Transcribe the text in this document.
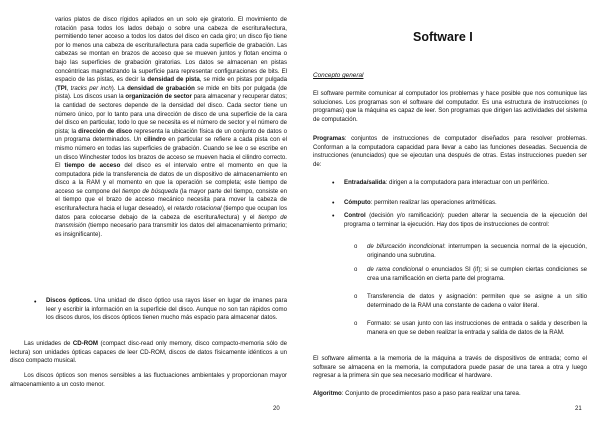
varios platos de disco rígidos apilados en un solo eje giratorio. El movimiento de rotación pasa todos los lados debajo o sobre una cabeza de escritura/lectura, permitiendo tener acceso a todos los datos del disco en cada giro; un disco fijo tiene por lo menos una cabeza de escritura/lectura para cada superficie de grabación. Las cabezas se montan en brazos de acceso que se mueven juntos y flotan encima o bajo las superficies de grabación giratorias. Los datos se almacenan en pistas concéntricas magnetizando la superficie para representar configuraciones de bits. El espacio de las pistas, es decir la densidad de pista, se mide en pistas por pulgada (TPI, tracks per inch). La densidad de grabación se mide en bits por pulgada (de pista). Los discos usan la organización de sector para almacenar y recuperar datos; la cantidad de sectores depende de la densidad del disco. Cada sector tiene un número único, por lo tanto para una dirección de disco de una superficie de la cara del disco en particular, todo lo que se necesita es el número de sector y el número de pista; la dirección de disco representa la ubicación física de un conjunto de datos o un programa determinados. Un cilindro en particular se refiere a cada pista con el mismo número en todas las superficies de grabación. Cuando se lee o se escribe en un disco Winchester todos los brazos de acceso se mueven hacia el cilindro correcto. El tiempo de acceso del disco es el intervalo entre el momento en que la computadora pide la transferencia de datos de un dispositivo de almacenamiento en disco a la RAM y el momento en que la operación se completa; este tiempo de acceso se compone del tiempo de búsqueda (la mayor parte del tiempo, consiste en el tiempo que el brazo de acceso mecánico necesita para mover la cabeza de escritura/lectura hacia el lugar deseado), el retardo rotacional (tiempo que ocupan los datos para colocarse debajo de la cabeza de escritura/lectura) y el tiempo de transmisión (tiempo necesario para transmitir los datos del almacenamiento primario; es insignificante).

• Discos ópticos. Una unidad de disco óptico usa rayos láser en lugar de imanes para leer y escribir la información en la superficie del disco. Aunque no son tan rápidos como los discos duros, los discos ópticos tienen mucho más espacio para almacenar datos.

Las unidades de CD-ROM (compact disc-read only memory, disco compacto-memoria sólo de lectura) son unidades ópticas capaces de leer CD-ROM, discos de datos físicamente idénticos a un disco compacto musical.

Los discos ópticos son menos sensibles a las fluctuaciones ambientales y proporcionan mayor almacenamiento a un costo menor.

20
Software I
Concepto general

El software permite comunicar al computador los problemas y hace posible que nos comunique las soluciones. Los programas son el software del computador. Es una estructura de instrucciones (o programas) que la máquina es capaz de leer. Son programas que dirigen las actividades del sistema de computación.

Programas: conjuntos de instrucciones de computador diseñados para resolver problemas. Conforman a la computadora capacidad para llevar a cabo las funciones deseadas. Secuencia de instrucciones (enunciados) que se ejecutan una después de otras. Estas instrucciones pueden ser de:

• Entrada/salida: dirigen a la computadora para interactuar con un periférico.

• Cómputo: permiten realizar las operaciones aritméticas.

• Control (decisión y/o ramificación): pueden alterar la secuencia de la ejecución del programa o terminar la ejecución. Hay dos tipos de instrucciones de control:

o de bifurcación incondicional: interrumpen la secuencia normal de la ejecución, originando una subrutina.

o de rama condicional o enunciados SI (if); si se cumplen ciertas condiciones se crea una ramificación en cierta parte del programa.

o Transferencia de datos y asignación: permiten que se asigne a un sitio determinado de la RAM una constante de cadena o valor literal.

o Formato: se usan junto con las instrucciones de entrada o salida y describen la manera en que se deben realizar la entrada y salida de datos de la RAM.

El software alimenta a la memoria de la máquina a través de dispositivos de entrada; como el software se almacena en la memoria, la computadora puede pasar de una tarea a otra y luego regresar a la primera sin que sea necesario modificar el hardware.

Algoritmo: Conjunto de procedimientos paso a paso para realizar una tarea.

21
